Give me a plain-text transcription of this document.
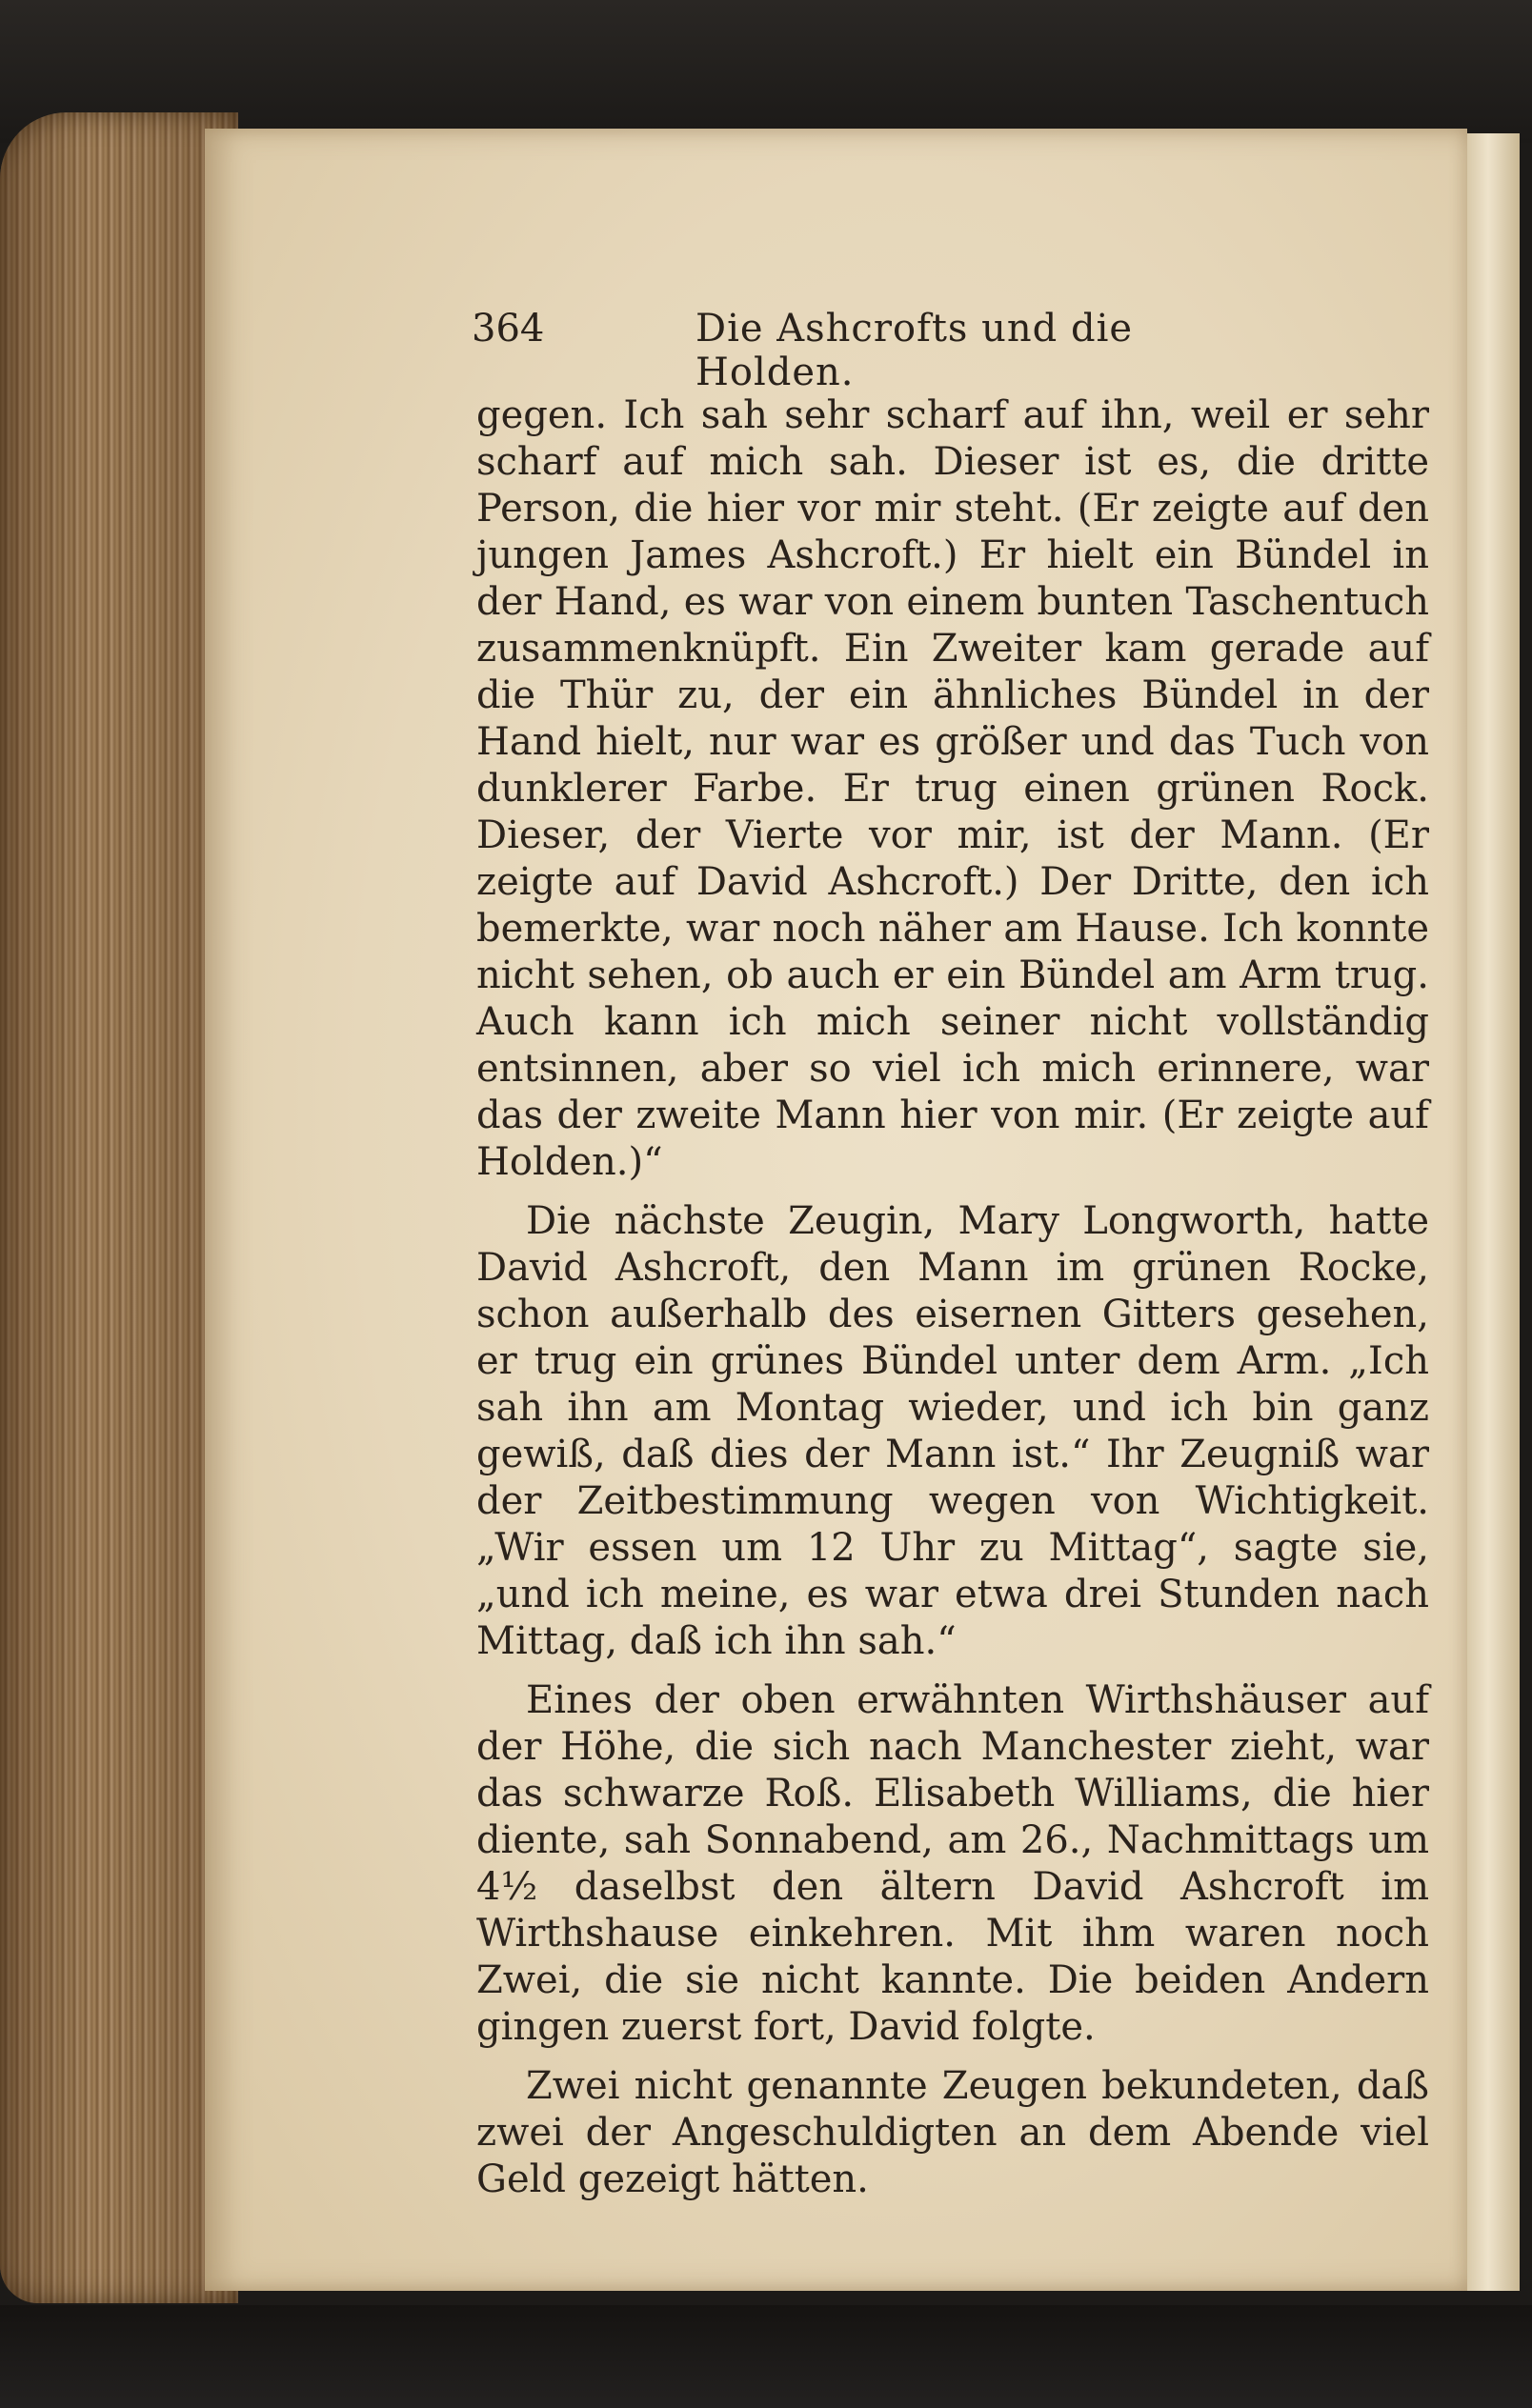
364	Die Ashcrofts und die Holden.

gegen. Ich sah sehr scharf auf ihn, weil er sehr scharf auf mich sah. Dieser ist es, die dritte Person, die hier vor mir steht. (Er zeigte auf den jungen James Ashcroft.) Er hielt ein Bündel in der Hand, es war von einem bunten Taschentuch zusammenknüpft. Ein Zweiter kam gerade auf die Thür zu, der ein ähnliches Bündel in der Hand hielt, nur war es größer und das Tuch von dunklerer Farbe. Er trug einen grünen Rock. Dieser, der Vierte vor mir, ist der Mann. (Er zeigte auf David Ashcroft.) Der Dritte, den ich bemerkte, war noch näher am Hause. Ich konnte nicht sehen, ob auch er ein Bündel am Arm trug. Auch kann ich mich seiner nicht vollständig entsinnen, aber so viel ich mich erinnere, war das der zweite Mann hier von mir. (Er zeigte auf Holden.)“

Die nächste Zeugin, Mary Longworth, hatte David Ashcroft, den Mann im grünen Rocke, schon außerhalb des eisernen Gitters gesehen, er trug ein grünes Bündel unter dem Arm. „Ich sah ihn am Montag wieder, und ich bin ganz gewiß, daß dies der Mann ist.“ Ihr Zeugniß war der Zeitbestimmung wegen von Wichtigkeit. „Wir essen um 12 Uhr zu Mittag“, sagte sie, „und ich meine, es war etwa drei Stunden nach Mittag, daß ich ihn sah.“

Eines der oben erwähnten Wirthshäuser auf der Höhe, die sich nach Manchester zieht, war das schwarze Roß. Elisabeth Williams, die hier diente, sah Sonnabend, am 26., Nachmittags um 4½ daselbst den ältern David Ashcroft im Wirthshause einkehren. Mit ihm waren noch Zwei, die sie nicht kannte. Die beiden Andern gingen zuerst fort, David folgte.

Zwei nicht genannte Zeugen bekundeten, daß zwei der Angeschuldigten an dem Abende viel Geld gezeigt hätten.
